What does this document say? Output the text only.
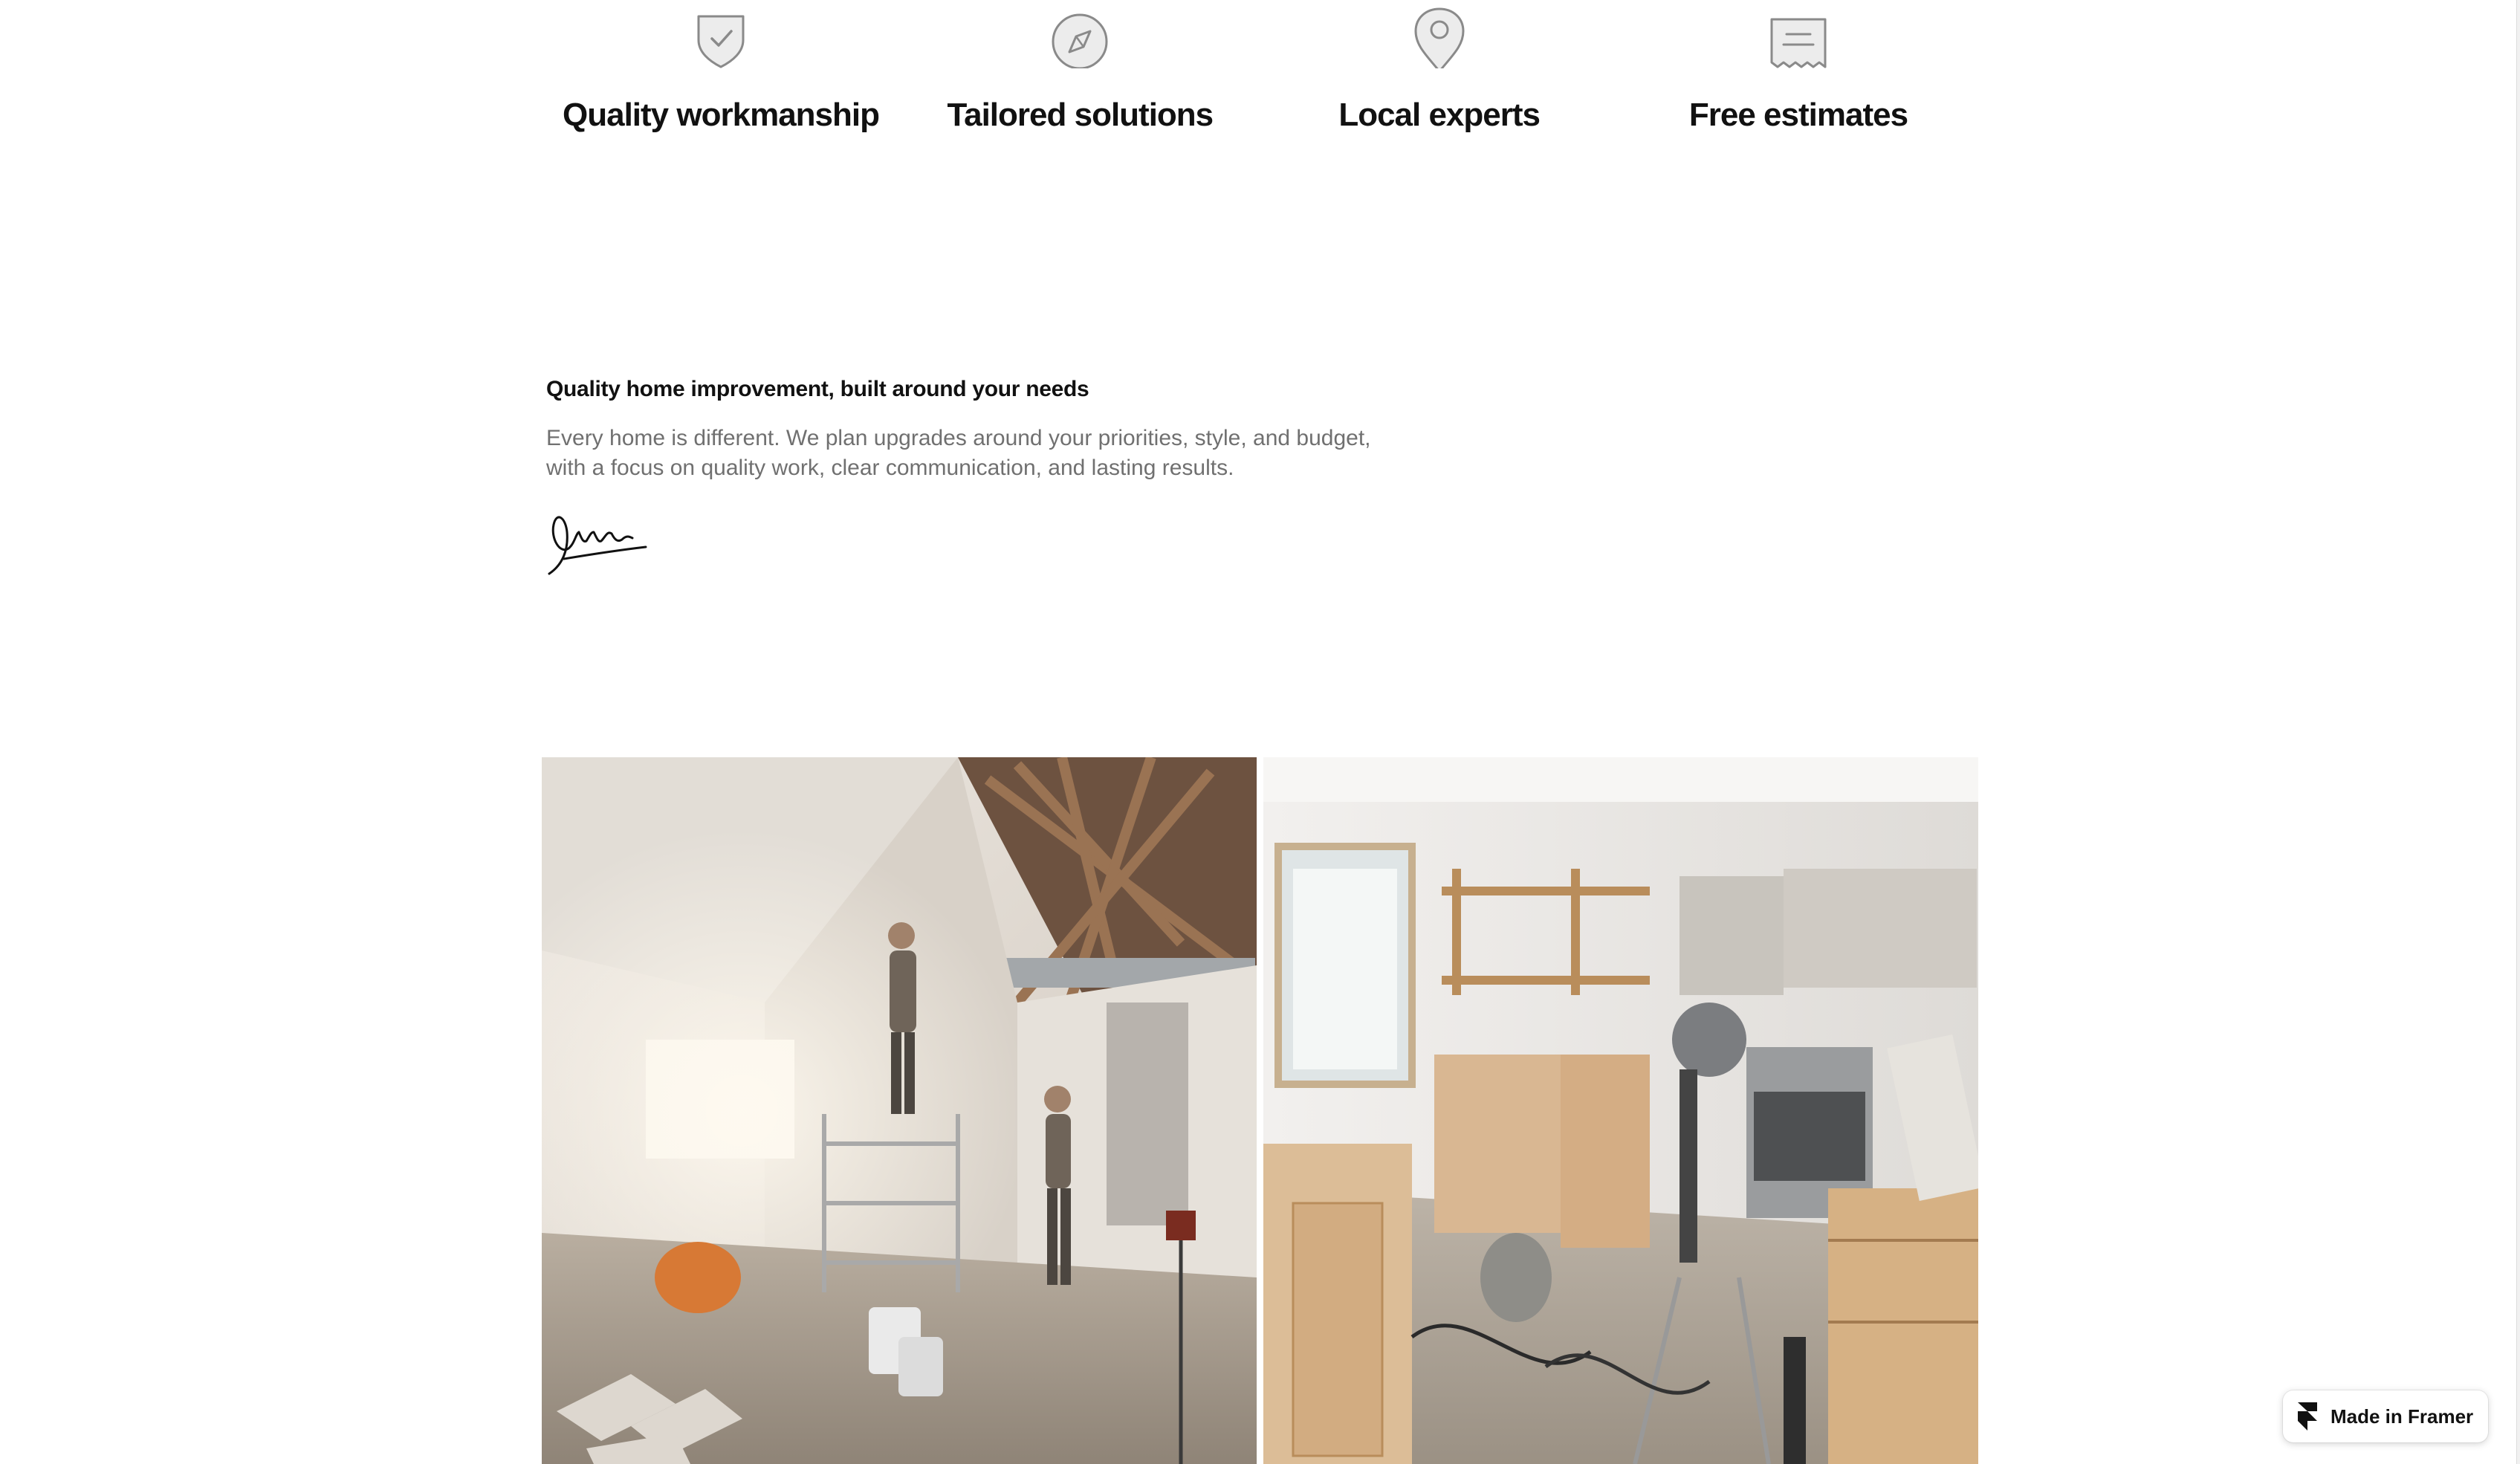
Quality workmanship Tailored solutions	Local experts	Free estimates
Quality home improvement, built around your needs

Every home is different. We plan upgrades around your priorities, style, and budget, with a focus on quality work, clear communication, and lasting results.

Made in Framer
